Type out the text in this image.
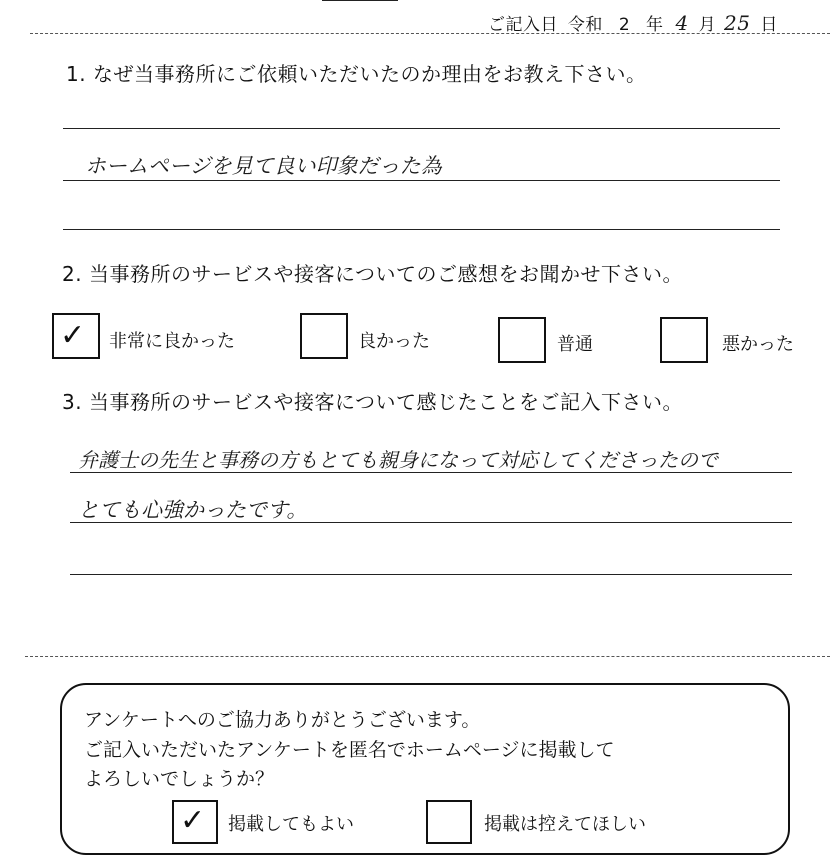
ご記入日 令和 2 年 4 月 25 日
1. なぜ当事務所にご依頼いただいたのか理由をお教え下さい。
ホームページを見て良い印象だった為
2. 当事務所のサービスや接客についてのご感想をお聞かせ下さい。
✓ 非常に良かった	良かった	普通	悪かった
3. 当事務所のサービスや接客について感じたことをご記入下さい。
弁護士の先生と事務の方もとても親身になって対応してくださったので
とても心強かったです。
アンケートへのご協力ありがとうございます。
ご記入いただいたアンケートを匿名でホームページに掲載して
よろしいでしょうか？
✓ 掲載してもよい	掲載は控えてほしい
